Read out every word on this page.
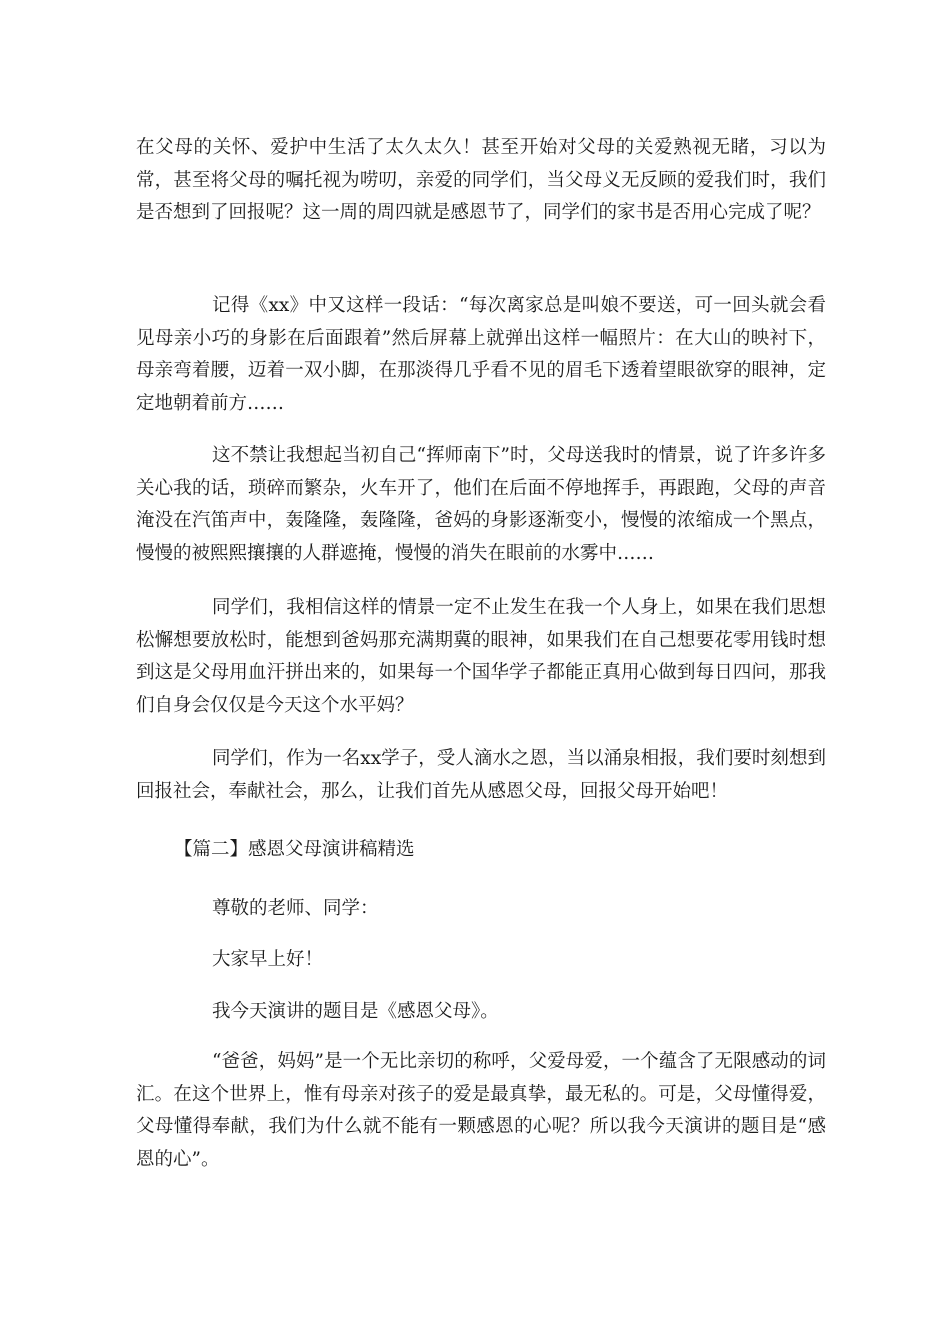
在父母的关怀、爱护中生活了太久太久！甚至开始对父母的关爱熟视无睹，习以为常，甚至将父母的嘱托视为唠叨，亲爱的同学们，当父母义无反顾的爱我们时，我们是否想到了回报呢？这一周的周四就是感恩节了，同学们的家书是否用心完成了呢？

记得《xx》中又这样一段话：“每次离家总是叫娘不要送，可一回头就会看见母亲小巧的身影在后面跟着”然后屏幕上就弹出这样一幅照片：在大山的映衬下，母亲弯着腰，迈着一双小脚，在那淡得几乎看不见的眉毛下透着望眼欲穿的眼神，定定地朝着前方……

这不禁让我想起当初自己“挥师南下”时，父母送我时的情景，说了许多许多关心我的话，琐碎而繁杂，火车开了，他们在后面不停地挥手，再跟跑，父母的声音淹没在汽笛声中，轰隆隆，轰隆隆，爸妈的身影逐渐变小，慢慢的浓缩成一个黑点，慢慢的被熙熙攘攘的人群遮掩，慢慢的消失在眼前的水雾中……

同学们，我相信这样的情景一定不止发生在我一个人身上，如果在我们思想松懈想要放松时，能想到爸妈那充满期冀的眼神，如果我们在自己想要花零用钱时想到这是父母用血汗拼出来的，如果每一个国华学子都能正真用心做到每日四问，那我们自身会仅仅是今天这个水平妈？

同学们，作为一名xx学子，受人滴水之恩，当以涌泉相报，我们要时刻想到回报社会，奉献社会，那么，让我们首先从感恩父母，回报父母开始吧！

【篇二】感恩父母演讲稿精选

尊敬的老师、同学：

大家早上好！

我今天演讲的题目是《感恩父母》。

“爸爸，妈妈”是一个无比亲切的称呼，父爱母爱，一个蕴含了无限感动的词汇。在这个世界上，惟有母亲对孩子的爱是最真挚，最无私的。可是，父母懂得爱，父母懂得奉献，我们为什么就不能有一颗感恩的心呢？所以我今天演讲的题目是“感恩的心”。
